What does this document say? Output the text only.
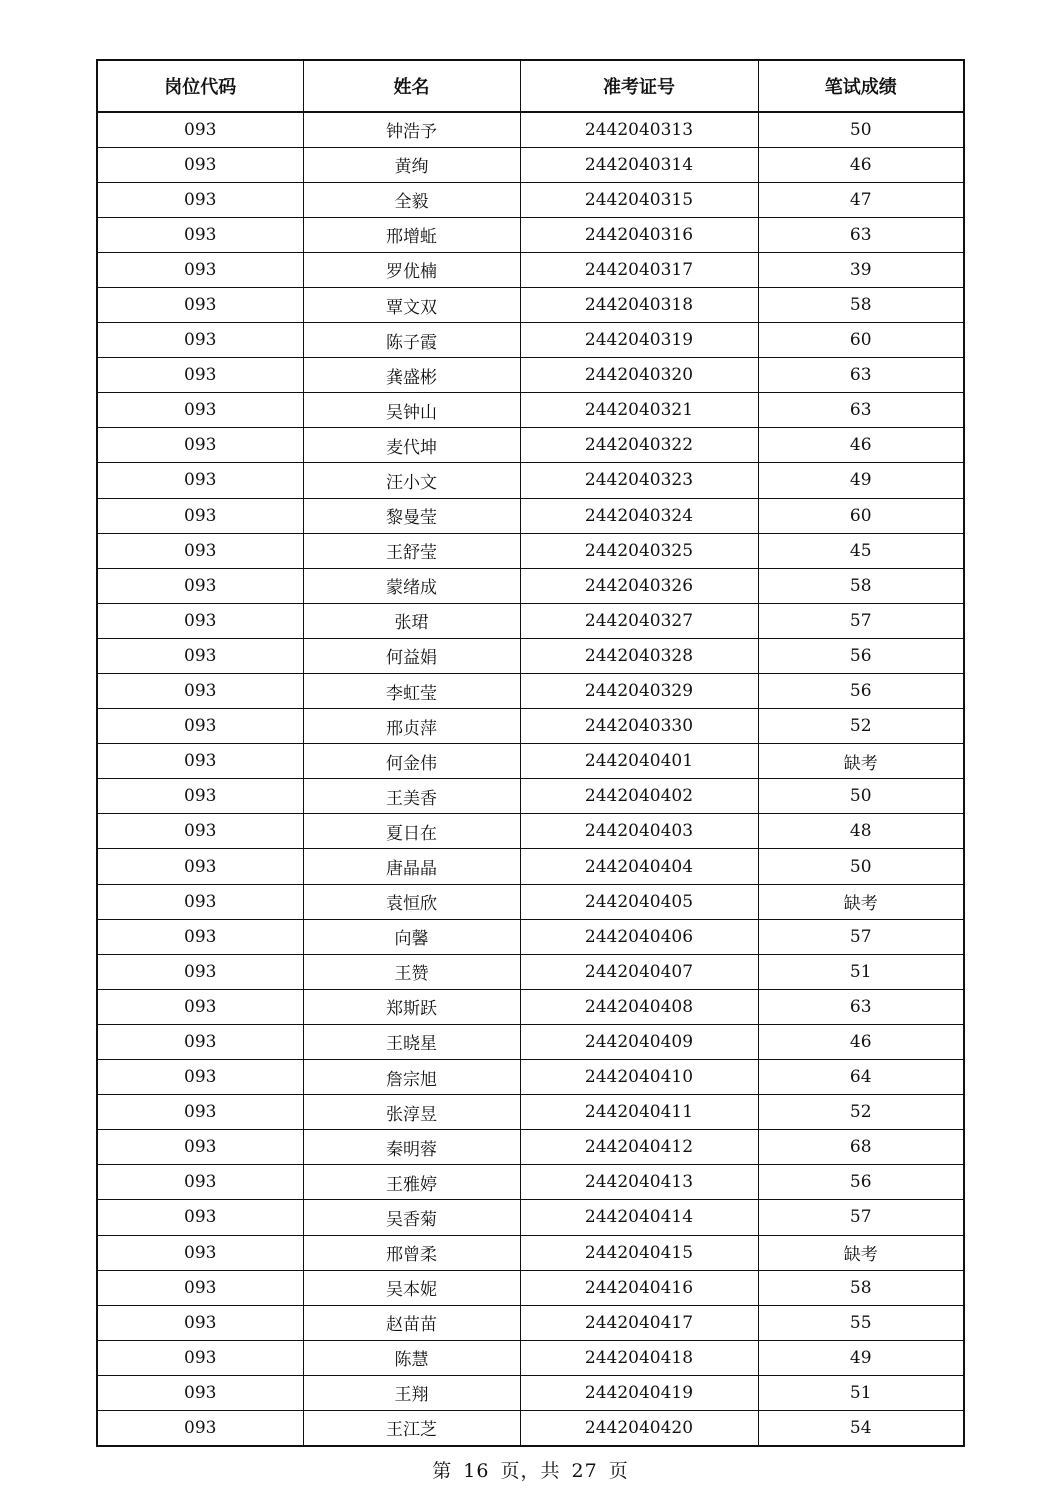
岗位代码	姓名	准考证号	笔试成绩
093	钟浩予	2442040313	50
093	黄绚	2442040314	46
093	全毅	2442040315	47
093	邢增蚯	2442040316	63
093	罗优楠	2442040317	39
093	覃文双	2442040318	58
093	陈子霞	2442040319	60
093	龚盛彬	2442040320	63
093	吴钟山	2442040321	63
093	麦代坤	2442040322	46
093	汪小文	2442040323	49
093	黎曼莹	2442040324	60
093	王舒莹	2442040325	45
093	蒙绪成	2442040326	58
093	张珺	2442040327	57
093	何益娟	2442040328	56
093	李虹莹	2442040329	56
093	邢贞萍	2442040330	52
093	何金伟	2442040401	缺考
093	王美香	2442040402	50
093	夏日在	2442040403	48
093	唐晶晶	2442040404	50
093	袁恒欣	2442040405	缺考
093	向馨	2442040406	57
093	王赞	2442040407	51
093	郑斯跃	2442040408	63
093	王晓星	2442040409	46
093	詹宗旭	2442040410	64
093	张淳昱	2442040411	52
093	秦明蓉	2442040412	68
093	王雅婷	2442040413	56
093	吴香菊	2442040414	57
093	邢曾柔	2442040415	缺考
093	吴本妮	2442040416	58
093	赵苗苗	2442040417	55
093	陈慧	2442040418	49
093	王翔	2442040419	51
093	王江芝	2442040420	54
第 16 页，共 27 页
